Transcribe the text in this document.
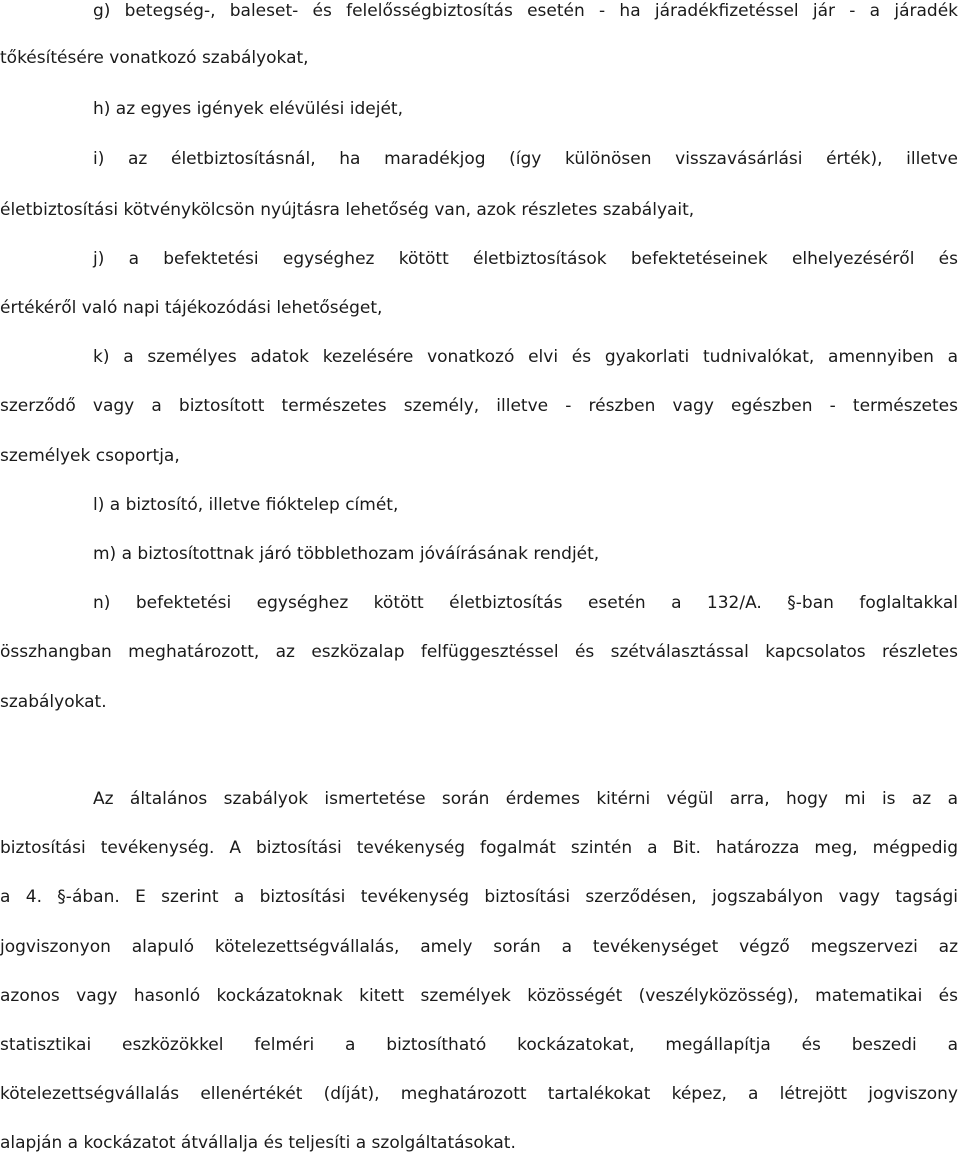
g) betegség-, baleset- és felelősségbiztosítás esetén - ha járadékfizetéssel jár - a járadék
tőkésítésére vonatkozó szabályokat,
h) az egyes igények elévülési idejét,
i) az életbiztosításnál, ha maradékjog (így különösen visszavásárlási érték), illetve
életbiztosítási kötvénykölcsön nyújtásra lehetőség van, azok részletes szabályait,
j) a befektetési egységhez kötött életbiztosítások befektetéseinek elhelyezéséről és
értékéről való napi tájékozódási lehetőséget,
k) a személyes adatok kezelésére vonatkozó elvi és gyakorlati tudnivalókat, amennyiben a
szerződő vagy a biztosított természetes személy, illetve - részben vagy egészben - természetes
személyek csoportja,
l) a biztosító, illetve fióktelep címét,
m) a biztosítottnak járó többlethozam jóváírásának rendjét,
n) befektetési egységhez kötött életbiztosítás esetén a 132/A. §-ban foglaltakkal
összhangban meghatározott, az eszközalap felfüggesztéssel és szétválasztással kapcsolatos részletes
szabályokat.
Az általános szabályok ismertetése során érdemes kitérni végül arra, hogy mi is az a
biztosítási tevékenység. A biztosítási tevékenység fogalmát szintén a Bit. határozza meg, mégpedig
a 4. §-ában. E szerint a biztosítási tevékenység biztosítási szerződésen, jogszabályon vagy tagsági
jogviszonyon alapuló kötelezettségvállalás, amely során a tevékenységet végző megszervezi az
azonos vagy hasonló kockázatoknak kitett személyek közösségét (veszélyközösség), matematikai és
statisztikai eszközökkel felméri a biztosítható kockázatokat, megállapítja és beszedi a
kötelezettségvállalás ellenértékét (díját), meghatározott tartalékokat képez, a létrejött jogviszony
alapján a kockázatot átvállalja és teljesíti a szolgáltatásokat.
